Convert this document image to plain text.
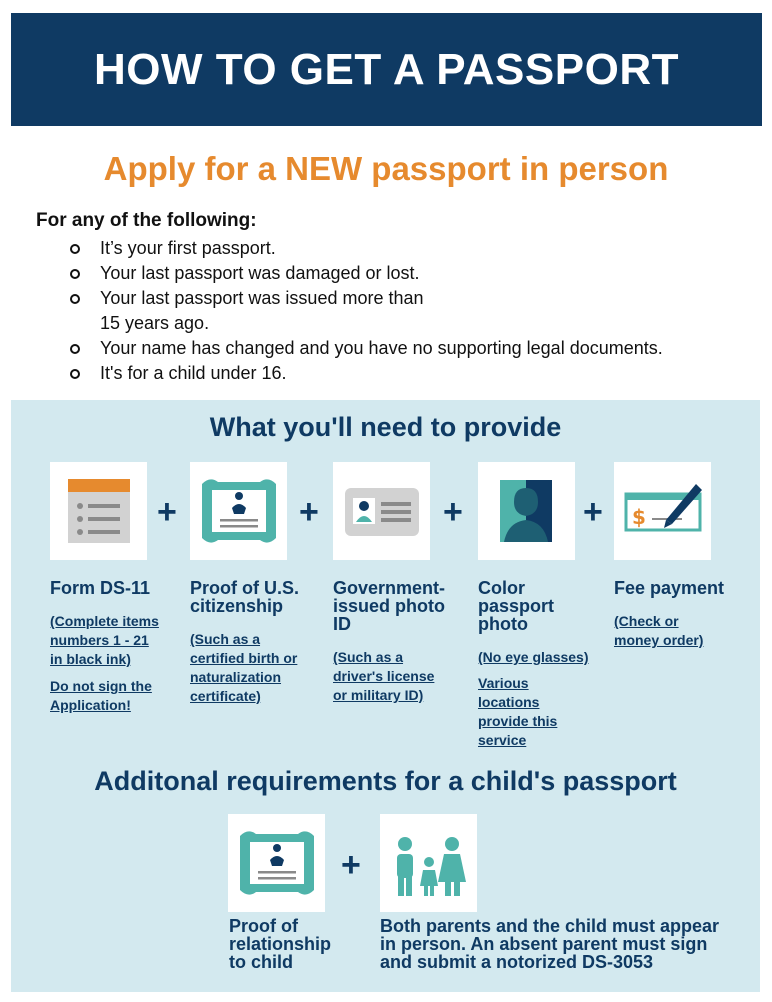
HOW TO GET A PASSPORT
Apply for a NEW passport in person
For any of the following:
It’s your first passport.
Your last passport was damaged or lost.
Your last passport was issued more than
15 years ago.
Your name has changed and you have no supporting legal documents.
It's for a child under 16.
What you'll need to provide
+	+	+	+ $
Form DS-11 Proof of U.S.
citizenship
Government-
issued photo
ID
Color
passport
photo
Fee payment
(Complete items
numbers 1 - 21
in black ink)
Do not sign the
Application!
(Such as a
certified birth or
naturalization
certificate)
(Such as a
driver's license
or military ID)
(No eye glasses)
Various
locations
provide this
service
(Check or
money order)
Additonal requirements for a child's passport
+
Proof of
relationship
to child
Both parents and the child must appear
in person. An absent parent must sign
and submit a notorized DS-3053
